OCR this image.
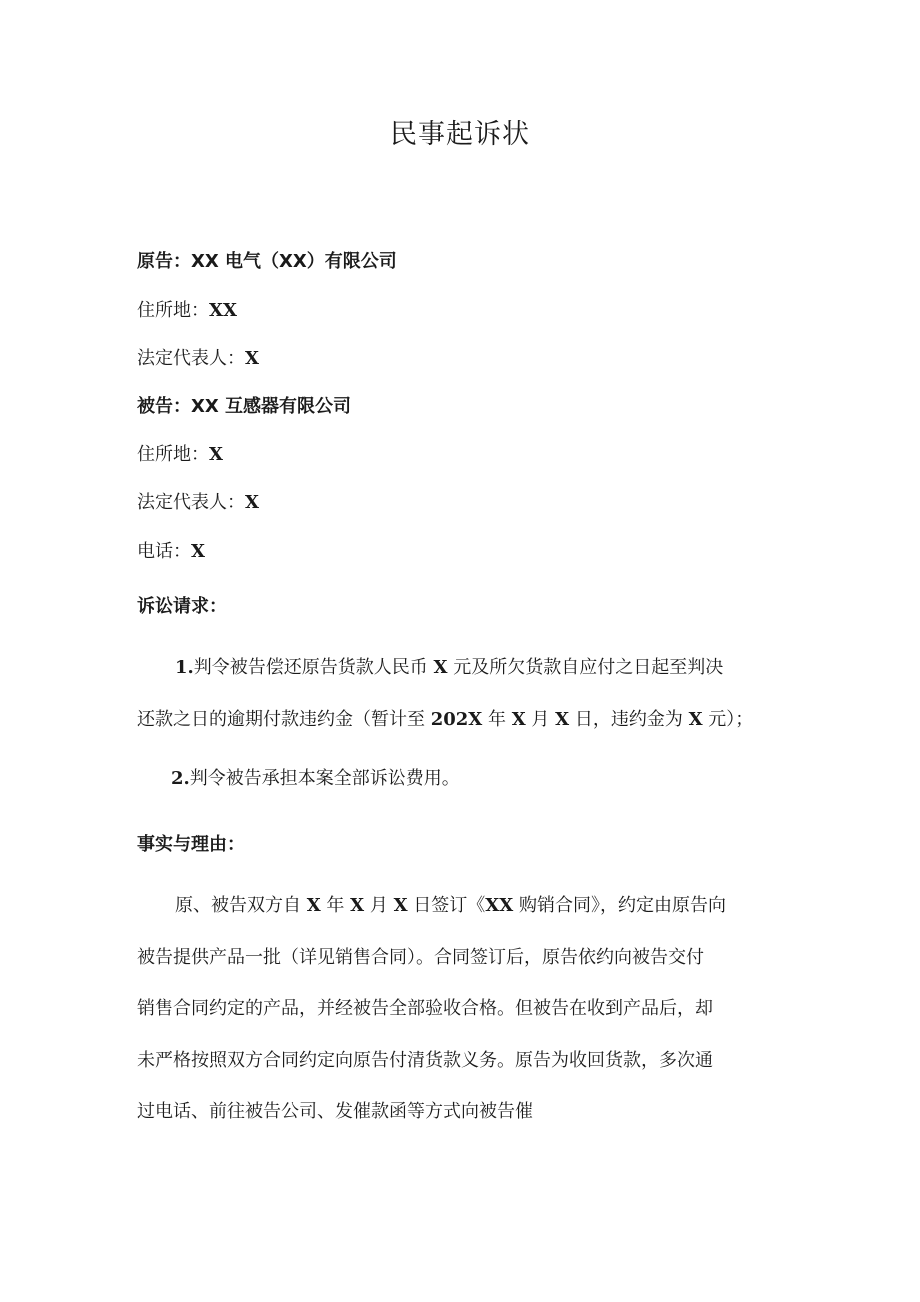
民事起诉状
原告：XX 电气（XX）有限公司
住所地：XX
法定代表人：X
被告：XX 互感器有限公司
住所地：X
法定代表人：X
电话：X
诉讼请求：
1.判令被告偿还原告货款人民币 X 元及所欠货款自应付之日起至判决
还款之日的逾期付款违约金（暂计至 202X 年 X 月 X 日，违约金为 X 元）；
2.判令被告承担本案全部诉讼费用。
事实与理由：
原、被告双方自 X 年 X 月 X 日签订《XX 购销合同》，约定由原告向
被告提供产品一批（详见销售合同）。合同签订后，原告依约向被告交付
销售合同约定的产品，并经被告全部验收合格。但被告在收到产品后，却
未严格按照双方合同约定向原告付清货款义务。原告为收回货款，多次通
过电话、前往被告公司、发催款函等方式向被告催
